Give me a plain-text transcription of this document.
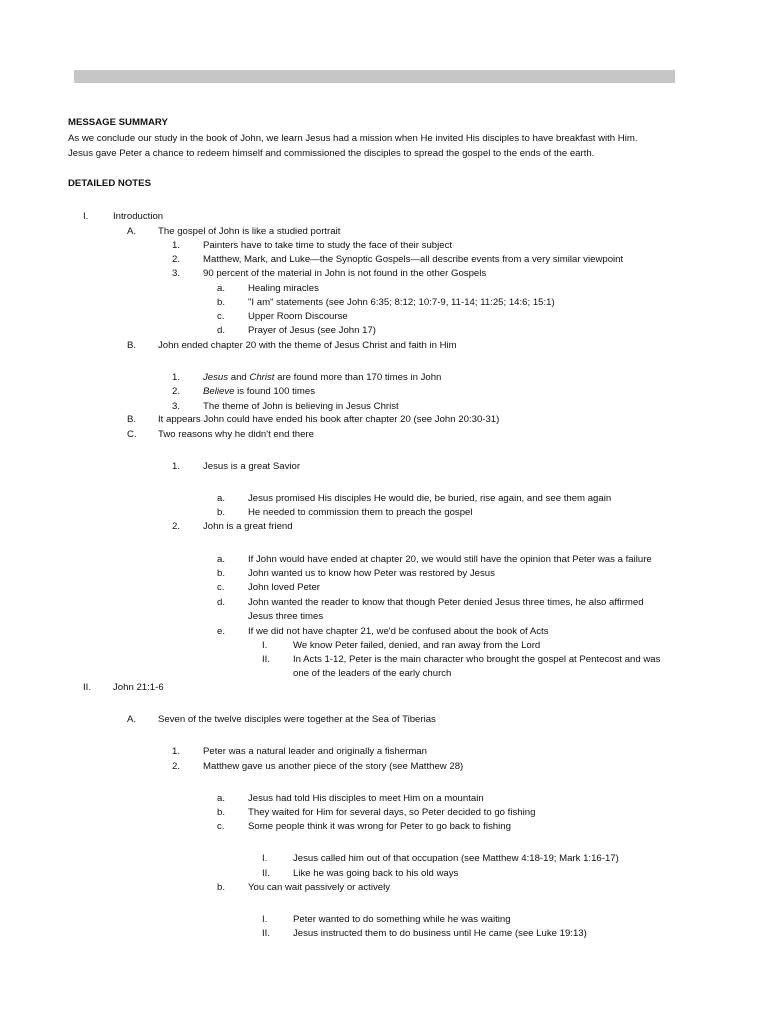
MESSAGE SUMMARY
As we conclude our study in the book of John, we learn Jesus had a mission when He invited His disciples to have breakfast with Him.
Jesus gave Peter a chance to redeem himself and commissioned the disciples to spread the gospel to the ends of the earth.
DETAILED NOTES
I.	Introduction
A. The gospel of John is like a studied portrait
1. Painters have to take time to study the face of their subject
2. Matthew, Mark, and Luke—the Synoptic Gospels—all describe events from a very similar viewpoint
3. 90 percent of the material in John is not found in the other Gospels
a. Healing miracles
b. "I am" statements (see John 6:35; 8:12; 10:7-9, 11-14; 11:25; 14:6; 15:1)
c. Upper Room Discourse
d. Prayer of Jesus (see John 17)
B. John ended chapter 20 with the theme of Jesus Christ and faith in Him
1. Jesus and Christ are found more than 170 times in John
2. Believe is found 100 times
3. The theme of John is believing in Jesus Christ
B. It appears John could have ended his book after chapter 20 (see John 20:30-31)
C. Two reasons why he didn't end there
1. Jesus is a great Savior
a. Jesus promised His disciples He would die, be buried, rise again, and see them again
b. He needed to commission them to preach the gospel
2. John is a great friend
a. If John would have ended at chapter 20, we would still have the opinion that Peter was a failure
b. John wanted us to know how Peter was restored by Jesus
c. John loved Peter
d. John wanted the reader to know that though Peter denied Jesus three times, he also affirmed
Jesus three times
e. If we did not have chapter 21, we'd be confused about the book of Acts
I.	We know Peter failed, denied, and ran away from the Lord
II. In Acts 1-12, Peter is the main character who brought the gospel at Pentecost and was
one of the leaders of the early church
II. John 21:1-6
A. Seven of the twelve disciples were together at the Sea of Tiberias
1. Peter was a natural leader and originally a fisherman
2. Matthew gave us another piece of the story (see Matthew 28)
a. Jesus had told His disciples to meet Him on a mountain
b. They waited for Him for several days, so Peter decided to go fishing
c. Some people think it was wrong for Peter to go back to fishing
I.	Jesus called him out of that occupation (see Matthew 4:18-19; Mark 1:16-17)
II. Like he was going back to his old ways
b. You can wait passively or actively
I.	Peter wanted to do something while he was waiting
II. Jesus instructed them to do business until He came (see Luke 19:13)
